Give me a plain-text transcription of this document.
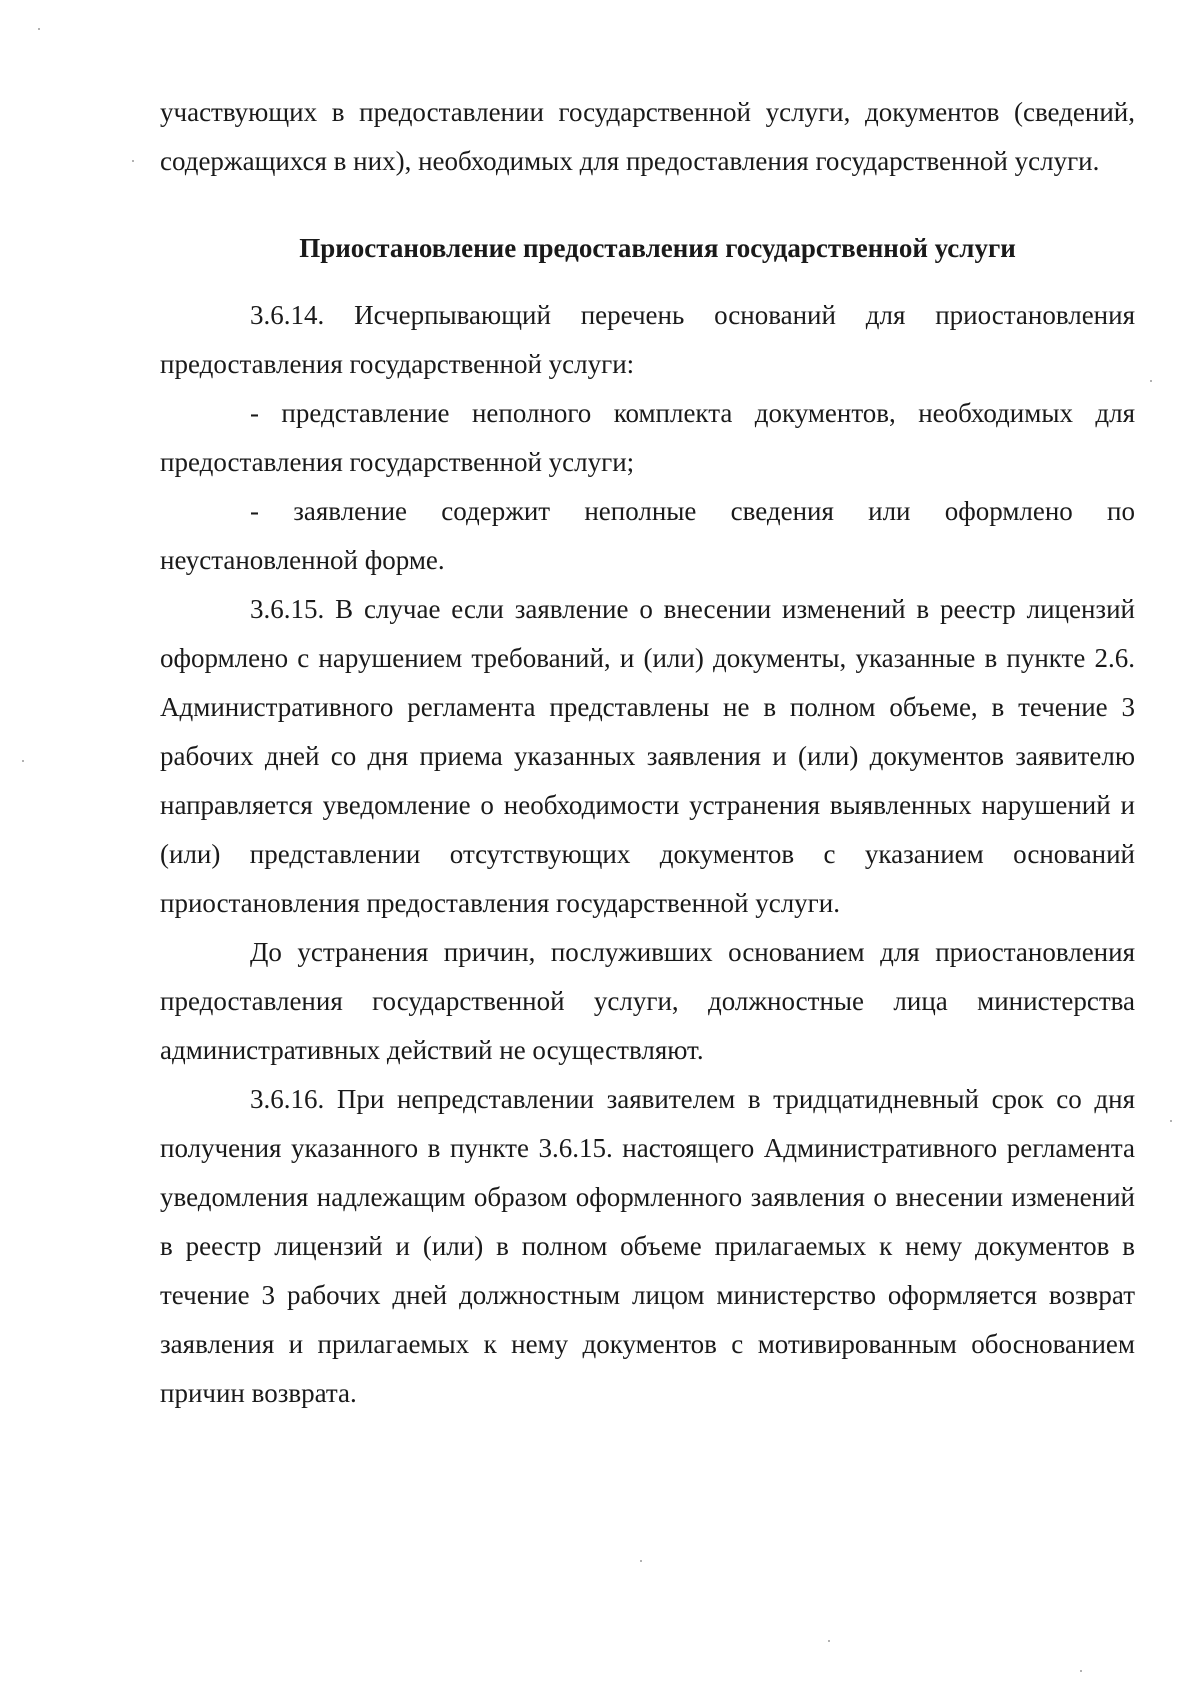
участвующих в предоставлении государственной услуги, документов (сведений, содержащихся в них), необходимых для предоставления государственной услуги.

Приостановление предоставления государственной услуги

3.6.14. Исчерпывающий перечень оснований для приостановления предоставления государственной услуги:

- представление неполного комплекта документов, необходимых для предоставления государственной услуги;

- заявление содержит неполные сведения или оформлено по неустановленной форме.

3.6.15. В случае если заявление о внесении изменений в реестр лицензий оформлено с нарушением требований, и (или) документы, указанные в пункте 2.6. Административного регламента представлены не в полном объеме, в течение 3 рабочих дней со дня приема указанных заявления и (или) документов заявителю направляется уведомление о необходимости устранения выявленных нарушений и (или) представлении отсутствующих документов с указанием оснований приостановления предоставления государственной услуги.

До устранения причин, послуживших основанием для приостановления предоставления государственной услуги, должностные лица министерства административных действий не осуществляют.

3.6.16. При непредставлении заявителем в тридцатидневный срок со дня получения указанного в пункте 3.6.15. настоящего Административного регламента уведомления надлежащим образом оформленного заявления о внесении изменений в реестр лицензий и (или) в полном объеме прилагаемых к нему документов в течение 3 рабочих дней должностным лицом министерство оформляется возврат заявления и прилагаемых к нему документов с мотивированным обоснованием причин возврата.
